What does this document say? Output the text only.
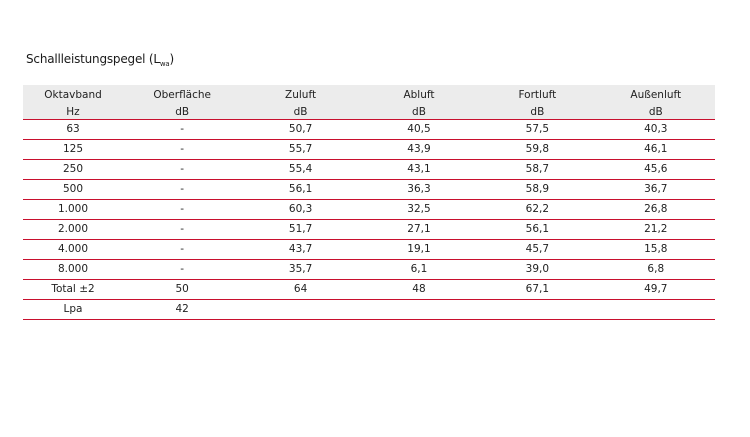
Schallleistungspegel $(L_{wa})$
Oktavband	Oberfläche	Zuluft	Abluft	Fortluft	Außenluft
Hz	dB	dB	dB	dB	dB
63	-	50,7	40,5	57,5	40,3
125	-	55,7	43,9	59,8	46,1
250	-	55,4	43,1	58,7	45,6
500	-	56,1	36,3	58,9	36,7
1.000	-	60,3	32,5	62,2	26,8
2.000	-	51,7	27,1	56,1	21,2
4.000	-	43,7	19,1	45,7	15,8
8.000	-	35,7	6,1	39,0	6,8
Total ±2	50	64	48	67,1	49,7
Lpa	42				
